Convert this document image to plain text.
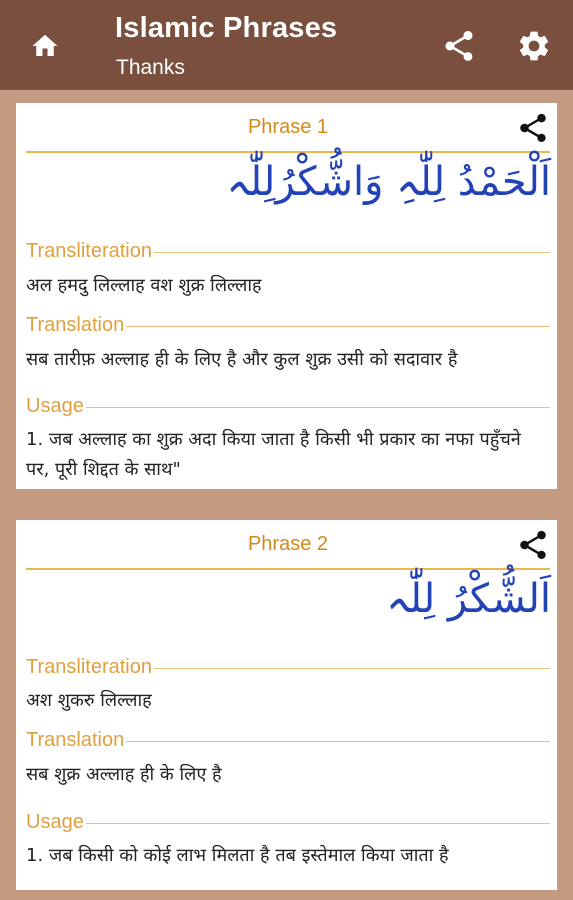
Islamic Phrases
Thanks
Phrase 1
اَلْحَمْدُ لِلّٰہِ وَاشُّکْرُلِلّٰہ
Transliteration
अल हमदु लिल्लाह वश शुक्र लिल्लाह
Translation
सब तारीफ़ अल्लाह ही के लिए है और कुल शुक्र उसी को सदावार है
Usage
1. जब अल्लाह का शुक्र अदा किया जाता है किसी भी प्रकार का नफा पहुँचने पर, पूरी शिद्दत के साथ"
Phrase 2
اَلشُّکْرُ لِلّٰہ
Transliteration
अश शुकरु लिल्लाह
Translation
सब शुक्र अल्लाह ही के लिए है
Usage
1. जब किसी को कोई लाभ मिलता है तब इस्तेमाल किया जाता है
